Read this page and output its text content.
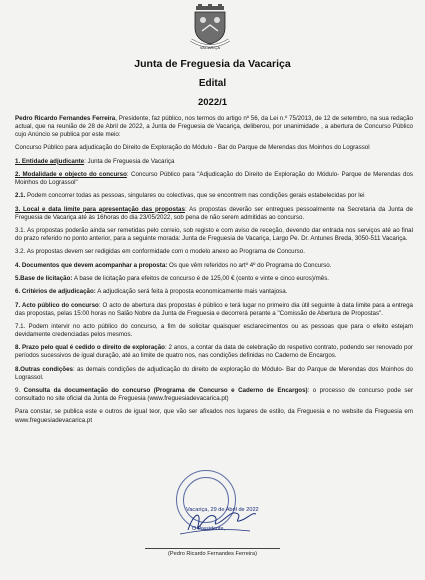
VACARIÇA
Junta de Freguesia da Vacariça
Edital
2022/1

Pedro Ricardo Fernandes Ferreira, Presidente, faz público, nos termos do artigo nº 56, da Lei n.º 75/2013, de 12 de setembro, na sua redação actual, que na reunião de 28 de Abril de 2022, a Junta de Freguesia de Vacariça, deliberou, por unanimidade , a abertura de Concurso Público cujo Anúncio se publica por este meio:

Concurso Público para adjudicação do Direito de Exploração do Módulo - Bar do Parque de Merendas dos Moinhos do Lograssol

1. Entidade adjudicante: Junta de Freguesia de Vacariça

2. Modalidade e objecto do concurso: Concurso Público para "Adjudicação do Direito de Exploração do Módulo- Parque de Merendas dos Moinhos do Lograssol"

2.1. Podem concorrer todas as pessoas, singulares ou colectivas, que se encontrem nas condições gerais estabelecidas por lei

3. Local e data limite para apresentação das propostas: As propostas deverão ser entregues pessoalmente na Secretaria da Junta de Freguesia de Vacariça até às 16horas do dia 23/05/2022, sob pena de não serem admitidas ao concurso.

3.1. As propostas poderão ainda ser remetidas pelo correio, sob registo e com aviso de receção, devendo dar entrada nos serviços até ao final do prazo referido no ponto anterior, para a seguinte morada: Junta de Freguesia de Vacariça, Largo Pe. Dr. Antunes Breda, 3050-511 Vacariça.

3.2. As propostas devem ser redigidas em conformidade com o modelo anexo ao Programa de Concurso.

4. Documentos que devem acompanhar a proposta: Os que vêm referidos no artº 4º do Programa do Concurso.

5.Base de licitação: A base de licitação para efeitos de concurso é de 125,00 € (cento e vinte e cinco euros)/mês.

6. Critérios de adjudicação: A adjudicação será feita à proposta economicamente mais vantajosa.

7. Acto público do concurso: O acto de abertura das propostas é público e terá lugar no primeiro dia útil seguinte à data limite para a entrega das propostas, pelas 15:00 horas no Salão Nobre da Junta de Freguesia e decorrerá perante a "Comissão de Abertura de Propostas".

7.1. Podem intervir no acto público do concurso, a fim de solicitar quaisquer esclarecimentos ou as pessoas que para o efeito estejam devidamente credenciadas pelos mesmos.

8. Prazo pelo qual é cedido o direito de exploração: 2 anos, a contar da data de celebração do respetivo contrato, podendo ser renovado por períodos sucessivos de igual duração, até ao limite de quatro nos, nas condições definidas no Caderno de Encargos.

8.Outras condições: as demais condições de adjudicação do direito de exploração do Módulo- Bar do Parque de Merendas dos Moinhos do Lograssol.

9. Consulta da documentação do concurso (Programa de Concurso e Caderno de Encargos): o processo de concurso pode ser consultado no site oficial da Junta de Freguesia (www.freguesiadevacarica.pt)

Para constar, se publica este e outros de igual teor, que vão ser afixados nos lugares de estilo, da Freguesia e no website da Freguesia em www.freguesiadevacarica.pt

Vacariça, 29 de Abril de 2022
O Presidente,
(Pedro Ricardo Fernandes Ferreira)
